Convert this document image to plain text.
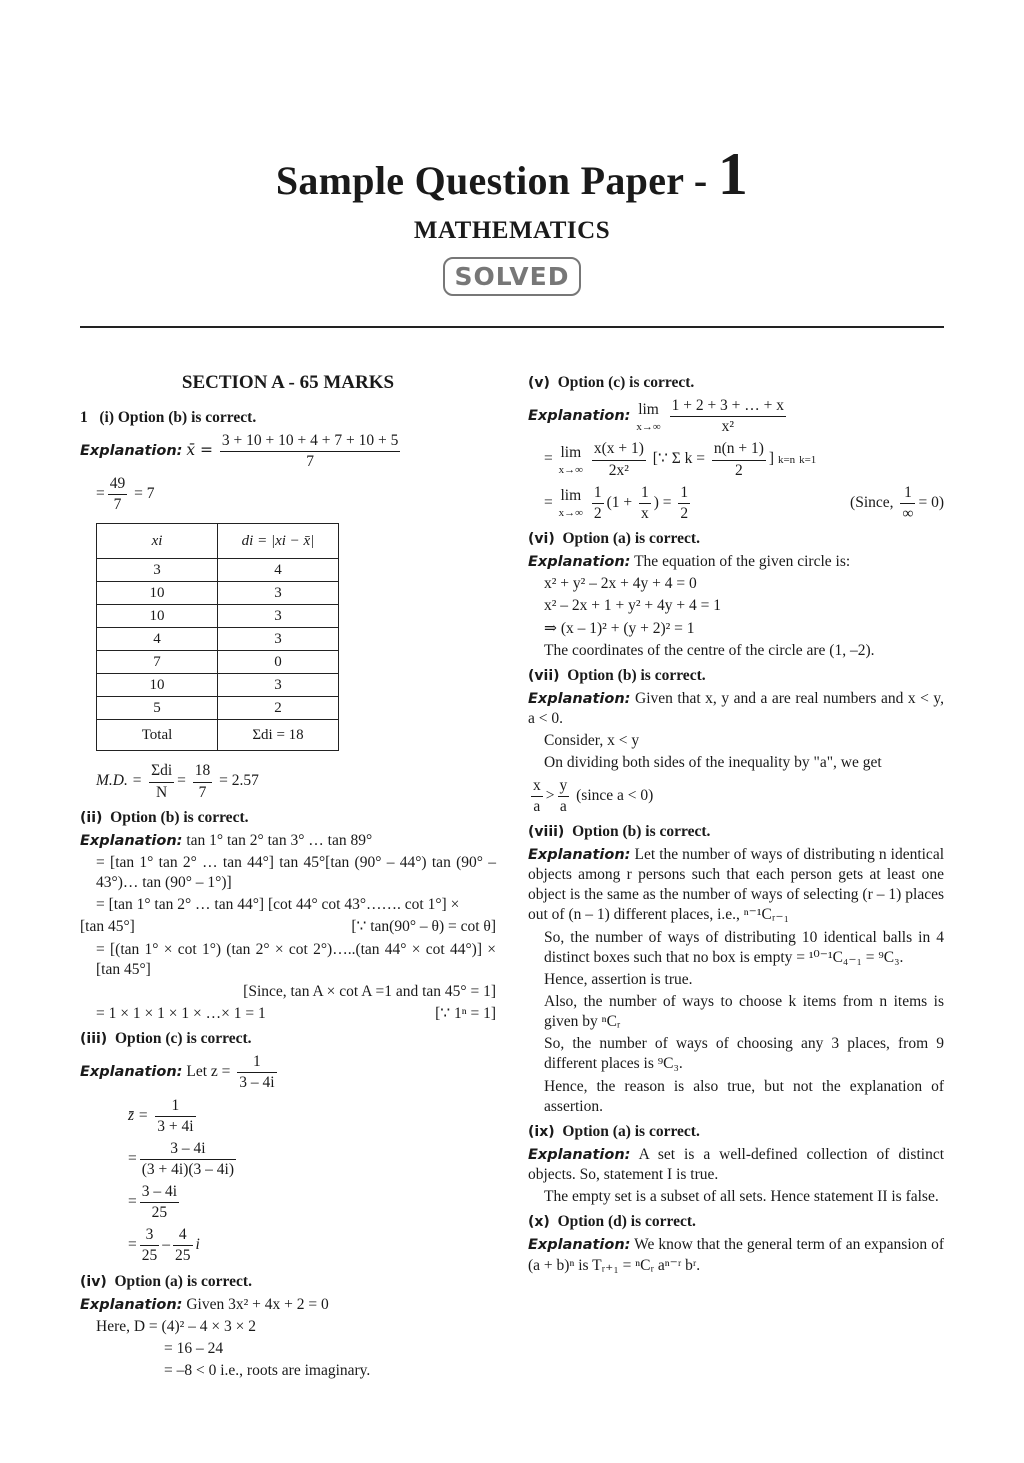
Sample Question Paper - 1
MATHEMATICS
SOLVED
SECTION A - 65 MARKS
1 (i) Option (b) is correct.
Explanation: x̄ = $\frac{3 + 10 + 10 + 4 + 7 + 10 + 5}{7}$
= $\frac{49}{7} = 7$
xi	di = |xi − x̄|
3	4
10	3
10	3
4	3
7	0
10	3
5	2
Total	Σdi = 18
M.D. = $\frac{\text{Σdi}}{N} = \frac{18}{7} = 2.57$
(ii) Option (b) is correct.
Explanation: tan 1° tan 2° tan 3° … tan 89°
= [tan 1° tan 2° … tan 44°] tan 45°[tan (90° – 44°) tan (90° – 43°)… tan (90° – 1°)]
= [tan 1° tan 2° … tan 44°] [cot 44° cot 43°……. cot 1°] ×
[tan 45°]	[∵ tan(90° – θ) = cot θ]
= [(tan 1° × cot 1°) (tan 2° × cot 2°)…..(tan 44° × cot 44°)] × [tan 45°]
[Since, tan A × cot A =1 and tan 45° = 1]
= 1 × 1 × 1 × 1 × …× 1 = 1	[∵ 1ⁿ = 1]
(iii) Option (c) is correct.
Explanation: Let $z = \frac{1}{3 - 4i}$
z̄ = $\frac{1}{3 + 4i}$
= $\frac{3 - 4i}{(3 + 4i)(3 - 4i)}$
= $\frac{3 - 4i}{25}$
= $\frac{3}{25} - \frac{4}{25}$ i
(iv) Option (a) is correct.
Explanation: Given 3x² + 4x + 2 = 0
Here, D = (4)² – 4 × 3 × 2
= 16 – 24
= –8 < 0 i.e., roots are imaginary.
(v) Option (c) is correct.
Explanation: lim
x→∞
$\frac{1 + 2 + 3 + \dots + x}{\text{x²}}$
= lim
x→∞
$\frac{x(x + 1)}{\text{2x²}}$ [∵ Σ $k = \frac{n(n + 1)}{2}$ ] k=n k=1
= lim
x→∞
$\frac{1}{2} (1 + \frac{1}{x}$ ) = $\frac{1}{2}$	(Since, $\frac{1}{\infty} = 0$)
(vi) Option (a) is correct.
Explanation: The equation of the given circle is:
x² + y² – 2x + 4y + 4 = 0
x² – 2x + 1 + y² + 4y + 4 = 1
⇒ (x – 1)² + (y + 2)² = 1
The coordinates of the centre of the circle are (1, –2).
(vii) Option (b) is correct.
Explanation: Given that x, y and a are real numbers and x < y, a < 0.
Consider, x < y
On dividing both sides of the inequality by "a", we get
$\frac{x}{a} > \frac{y}{a}$ (since a < 0)
(viii) Option (b) is correct.
Explanation: Let the number of ways of distributing n identical objects among r persons such that each person gets at least one object is the same as the number of ways of selecting (r – 1) places out of (n – 1) different places, i.e., ⁿ⁻¹Cᵣ₋₁
So, the number of ways of distributing 10 identical balls in 4 distinct boxes such that no box is empty = ¹⁰⁻¹C₄₋₁ = ⁹C₃.
Hence, assertion is true.
Also, the number of ways to choose k items from n items is given by ⁿCᵣ
So, the number of ways of choosing any 3 places, from 9 different places is ⁹C₃.
Hence, the reason is also true, but not the explanation of assertion.
(ix) Option (a) is correct.
Explanation: A set is a well-defined collection of distinct objects. So, statement I is true.
The empty set is a subset of all sets. Hence statement II is false.
(x) Option (d) is correct.
Explanation: We know that the general term of an expansion of (a + b)ⁿ is Tᵣ₊₁ = ⁿCᵣ aⁿ⁻ʳ bʳ.
